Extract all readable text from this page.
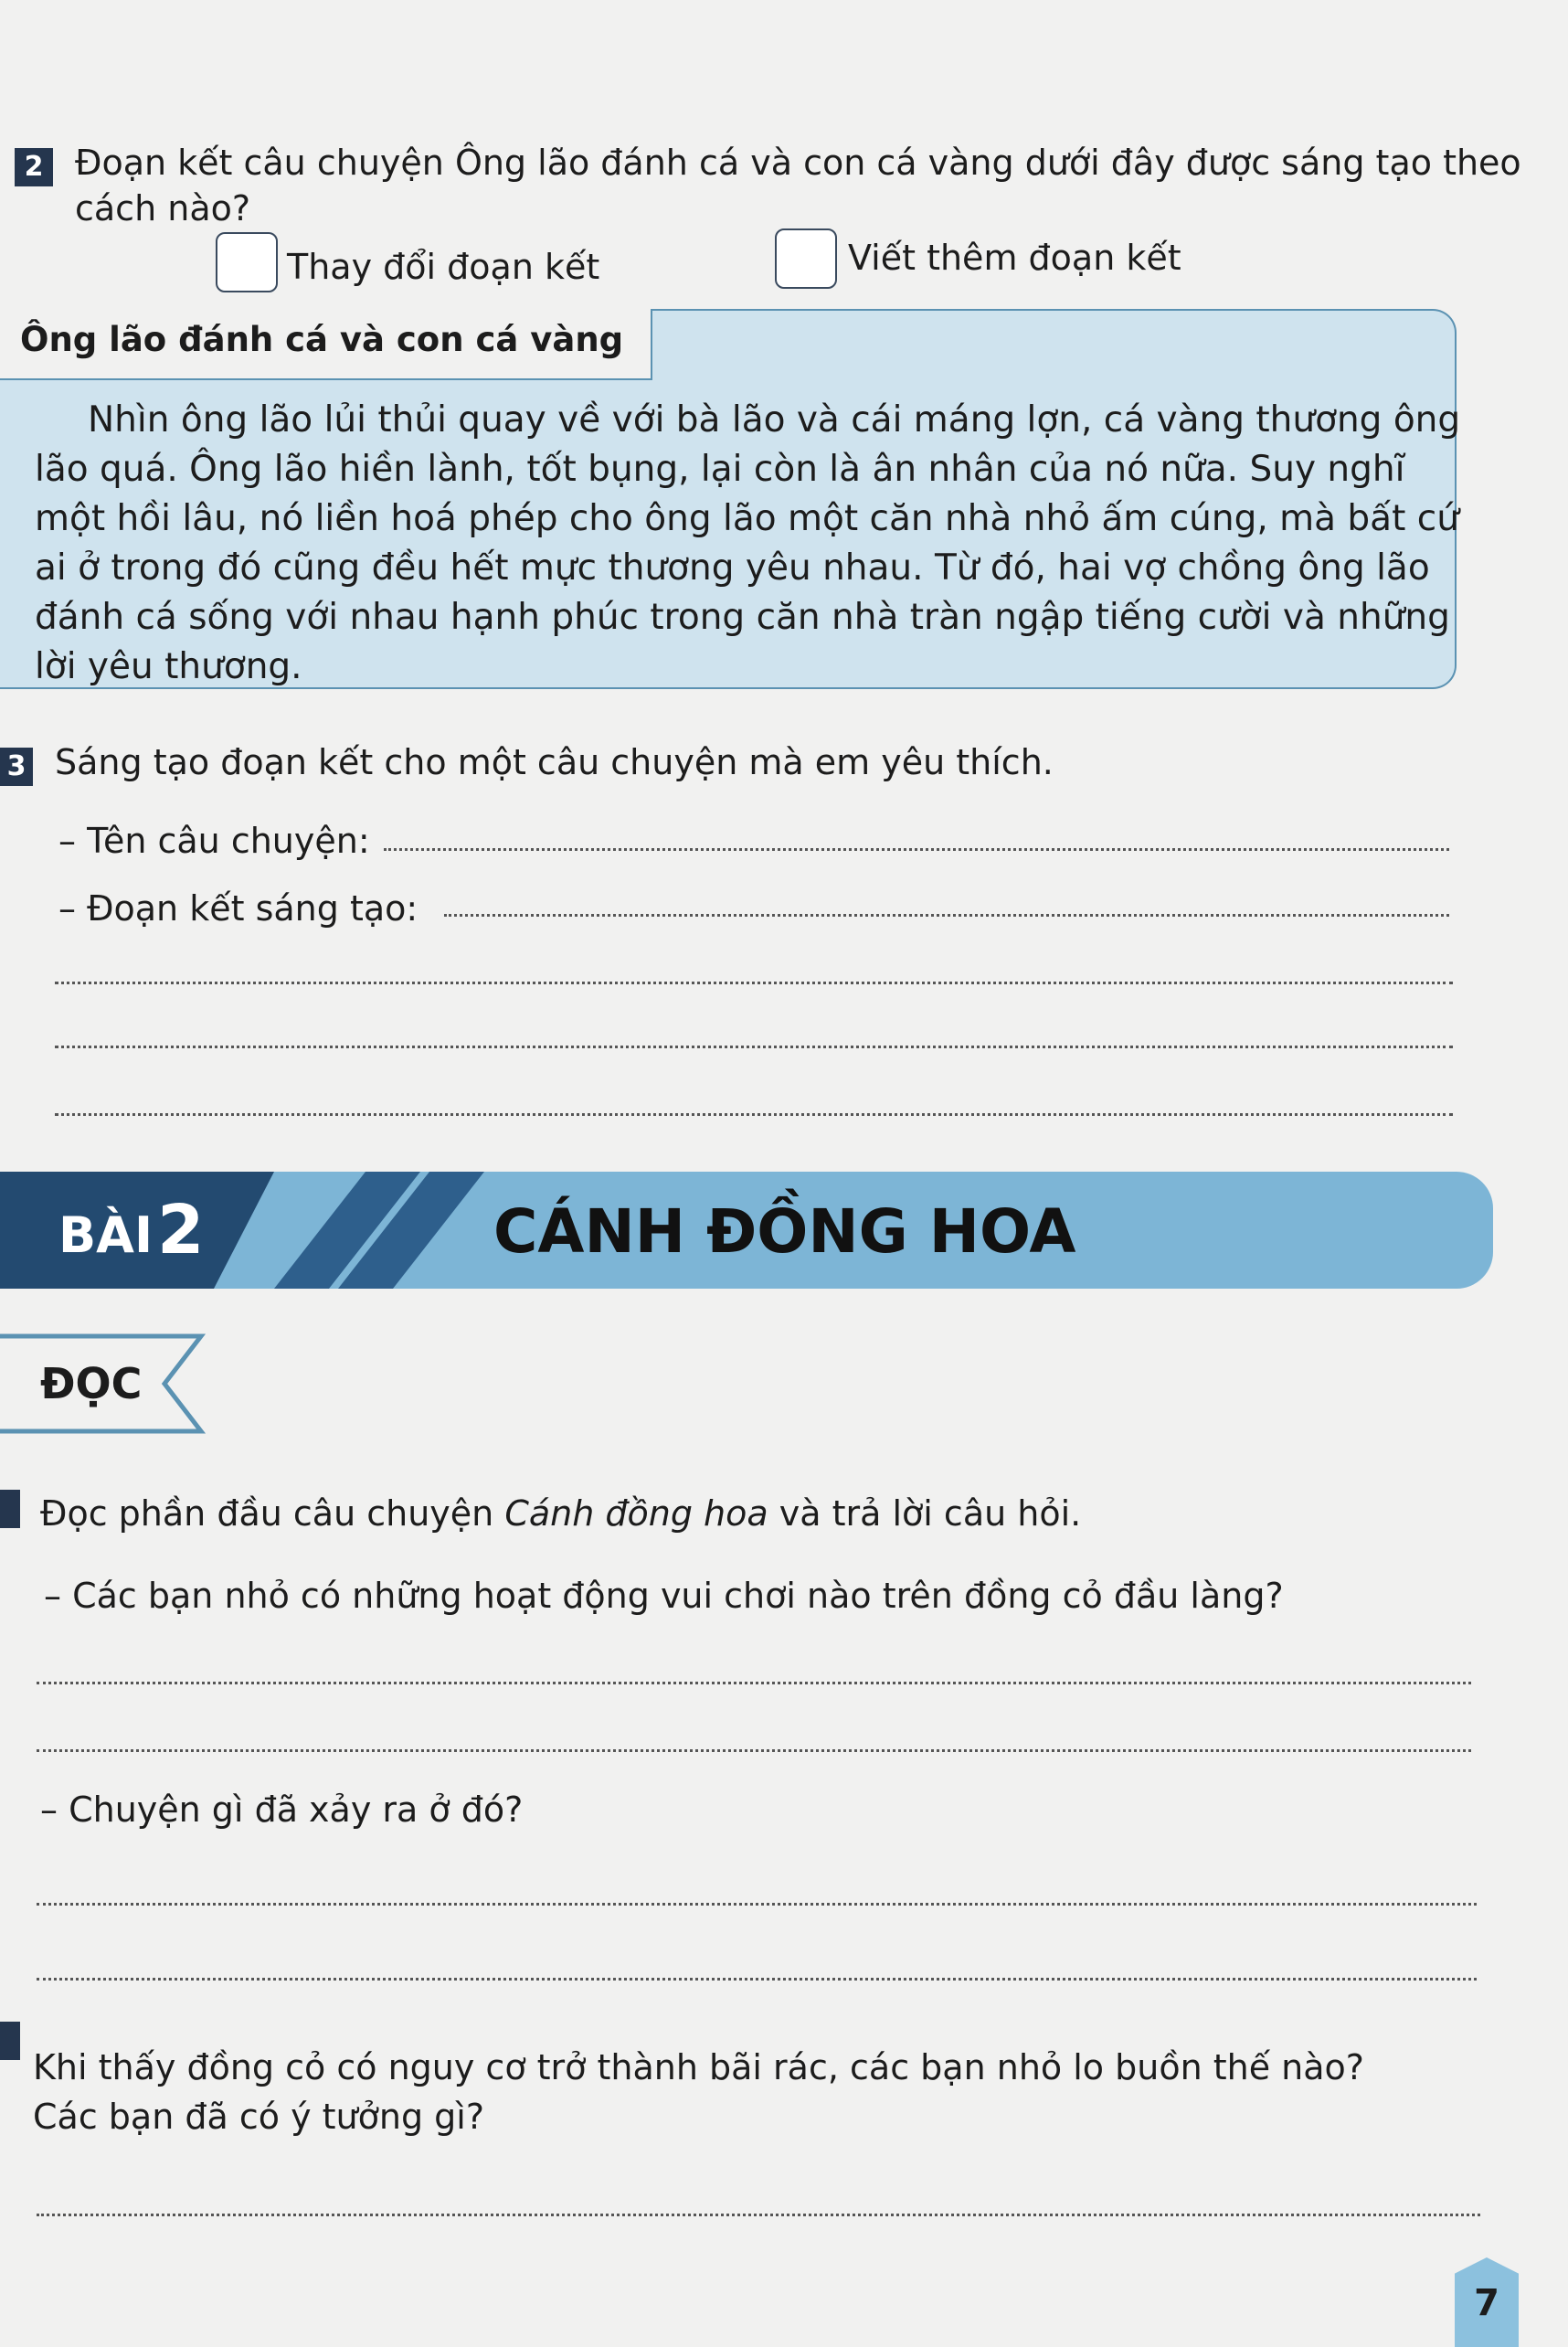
2 Đoạn kết câu chuyện Ông lão đánh cá và con cá vàng dưới đây được sáng tạo theo
cách nào?
Thay đổi đoạn kết	Viết thêm đoạn kết
Ông lão đánh cá và con cá vàng
Nhìn ông lão lủi thủi quay về với bà lão và cái máng lợn, cá vàng thương ông
lão quá. Ông lão hiền lành, tốt bụng, lại còn là ân nhân của nó nữa. Suy nghĩ
một hồi lâu, nó liền hoá phép cho ông lão một căn nhà nhỏ ấm cúng, mà bất cứ
ai ở trong đó cũng đều hết mực thương yêu nhau. Từ đó, hai vợ chồng ông lão
đánh cá sống với nhau hạnh phúc trong căn nhà tràn ngập tiếng cười và những
lời yêu thương.
3 Sáng tạo đoạn kết cho một câu chuyện mà em yêu thích.
– Tên câu chuyện:
– Đoạn kết sáng tạo:
BÀI 2	CÁNH ĐỒNG HOA
ĐỌC
Đọc phần đầu câu chuyện Cánh đồng hoa và trả lời câu hỏi.
– Các bạn nhỏ có những hoạt động vui chơi nào trên đồng cỏ đầu làng?
– Chuyện gì đã xảy ra ở đó?
Khi thấy đồng cỏ có nguy cơ trở thành bãi rác, các bạn nhỏ lo buồn thế nào?
Các bạn đã có ý tưởng gì?
7
